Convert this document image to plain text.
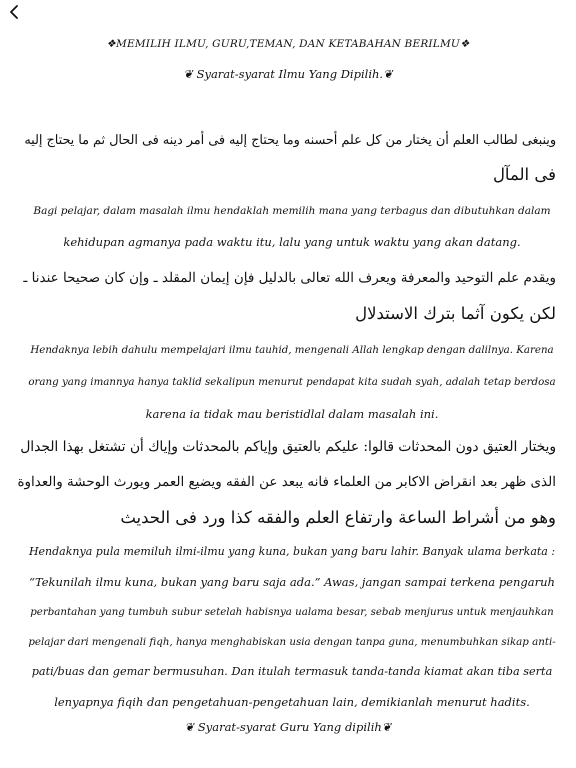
❖MEMILIH ILMU, GURU,TEMAN, DAN KETABAHAN BERILMU❖
❦ Syarat-syarat Ilmu Yang Dipilih.❦
وينبغى لطالب العلم أن يختار من كل علم أحسنه وما يحتاج إليه فى أمر دينه فى الحال ثم ما يحتاج إليه
فى المآل
Bagi pelajar, dalam masalah ilmu hendaklah memilih mana yang terbagus dan dibutuhkan dalam
kehidupan agmanya pada waktu itu, lalu yang untuk waktu yang akan datang.
ويقدم علم التوحيد والمعرفة ويعرف الله تعالى بالدليل فإن إيمان المقلد ـ وإن كان صحيحا عندنا ـ
لكن يكون آثما بترك الاستدلال
Hendaknya lebih dahulu mempelajari ilmu tauhid, mengenali Allah lengkap dengan dalilnya. Karena
orang yang imannya hanya taklid sekalipun menurut pendapat kita sudah syah, adalah tetap berdosa
karena ia tidak mau beristidlal dalam masalah ini.
ويختار العتيق دون المحدثات قالوا: عليكم بالعتيق وإياكم بالمحدثات وإياك أن تشتغل بهذا الجدال
الذى ظهر بعد انقراض الاكابر من العلماء فانه يبعد عن الفقه ويضيع العمر ويورث الوحشة والعداوة
وهو من أشراط الساعة وارتفاع العلم والفقه كذا ورد فى الحديث
Hendaknya pula memiluh ilmi-ilmu yang kuna, bukan yang baru lahir. Banyak ulama berkata :
“Tekunilah ilmu kuna, bukan yang baru saja ada.” Awas, jangan sampai terkena pengaruh
perbantahan yang tumbuh subur setelah habisnya ualama besar, sebab menjurus untuk menjauhkan
pelajar dari mengenali fiqh, hanya menghabiskan usia dengan tanpa guna, menumbuhkan sikap anti-
pati/buas dan gemar bermusuhan. Dan itulah termasuk tanda-tanda kiamat akan tiba serta
lenyapnya fiqih dan pengetahuan-pengetahuan lain, demikianlah menurut hadits.
❦ Syarat-syarat Guru Yang dipilih❦
